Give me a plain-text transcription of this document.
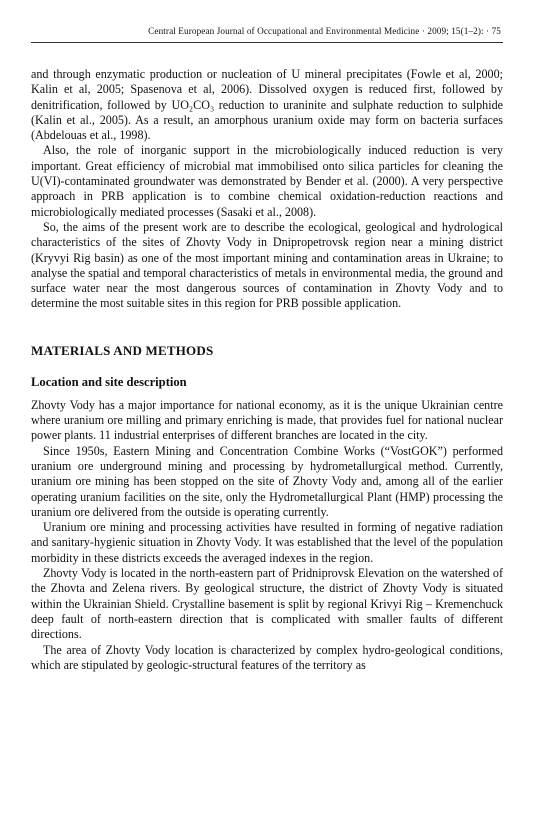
Central European Journal of Occupational and Environmental Medicine · 2009; 15(1–2): · 75

and through enzymatic production or nucleation of U mineral precipitates (Fowle et al, 2000; Kalin et al, 2005; Spasenova et al, 2006). Dissolved oxygen is reduced first, followed by denitrification, followed by UO₂CO₃ reduction to uraninite and sulphate reduction to sulphide (Kalin et al., 2005). As a result, an amorphous uranium oxide may form on bacteria surfaces (Abdelouas et al., 1998).

Also, the role of inorganic support in the microbiologically induced reduction is very important. Great efficiency of microbial mat immobilised onto silica particles for cleaning the U(VI)-contaminated groundwater was demonstrated by Bender et al. (2000). A very perspective approach in PRB application is to combine chemical oxidation-reduction reactions and microbiologically mediated processes (Sasaki et al., 2008).

So, the aims of the present work are to describe the ecological, geological and hydrological characteristics of the sites of Zhovty Vody in Dnipropetrovsk region near a mining district (Kryvyi Rig basin) as one of the most important mining and contamination areas in Ukraine; to analyse the spatial and temporal characteristics of metals in environmental media, the ground and surface water near the most dangerous sources of contamination in Zhovty Vody and to determine the most suitable sites in this region for PRB possible application.

MATERIALS AND METHODS
Location and site description

Zhovty Vody has a major importance for national economy, as it is the unique Ukrainian centre where uranium ore milling and primary enriching is made, that provides fuel for national nuclear power plants. 11 industrial enterprises of different branches are located in the city.

Since 1950s, Eastern Mining and Concentration Combine Works (“VostGOK”) performed uranium ore underground mining and processing by hydrometallurgical method. Currently, uranium ore mining has been stopped on the site of Zhovty Vody and, among all of the earlier operating uranium facilities on the site, only the Hydrometallurgical Plant (HMP) processing the uranium ore delivered from the outside is operating currently.

Uranium ore mining and processing activities have resulted in forming of negative radiation and sanitary-hygienic situation in Zhovty Vody. It was established that the level of the population morbidity in these districts exceeds the averaged indexes in the region.

Zhovty Vody is located in the north-eastern part of Pridniprovsk Elevation on the watershed of the Zhovta and Zelena rivers. By geological structure, the district of Zhovty Vody is situated within the Ukrainian Shield. Crystalline basement is split by regional Krivyi Rig – Kremenchuck deep fault of north-eastern direction that is complicated with smaller faults of different directions.

The area of Zhovty Vody location is characterized by complex hydro-geological conditions, which are stipulated by geologic-structural features of the territory as
